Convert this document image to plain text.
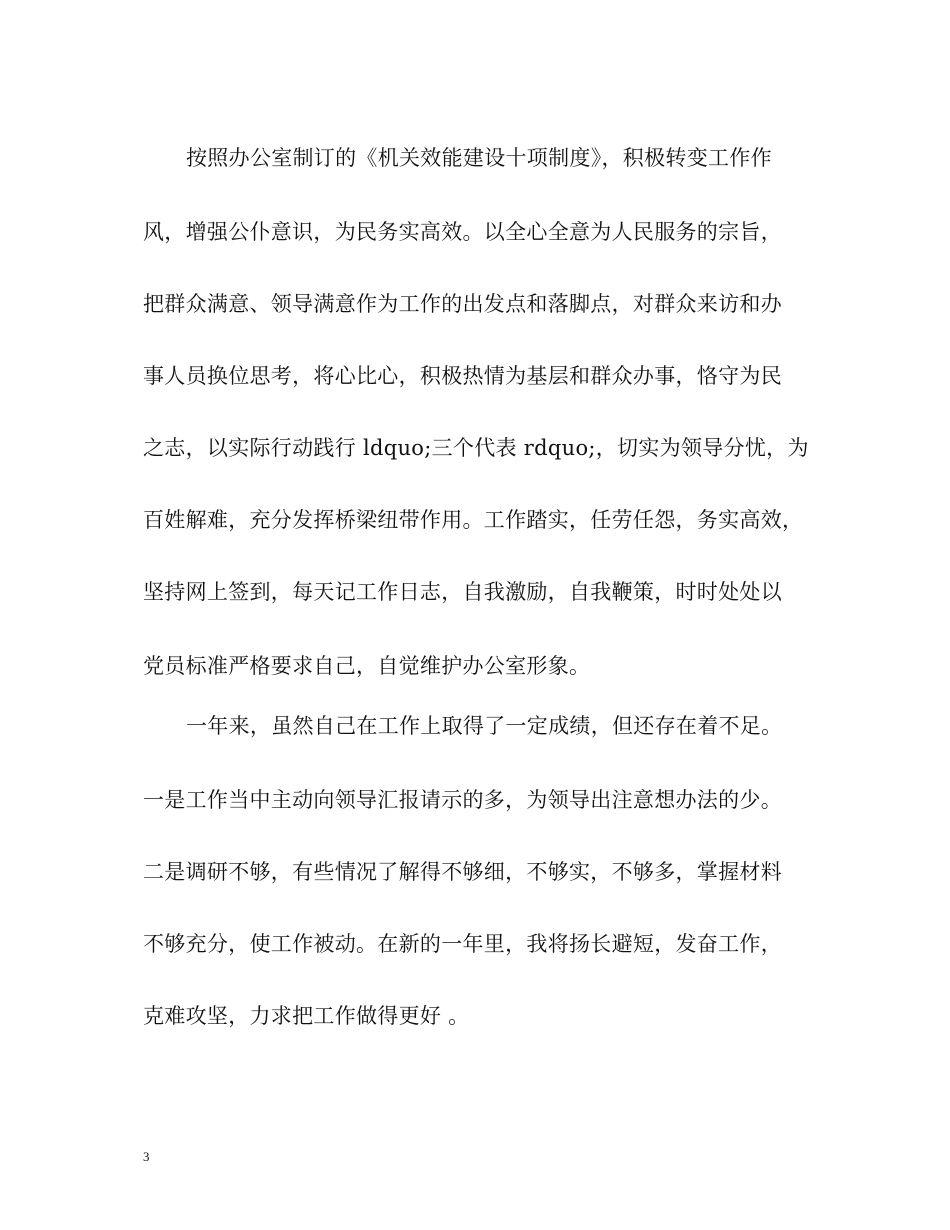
按照办公室制订的《机关效能建设十项制度》，积极转变工作作
风，增强公仆意识，为民务实高效。以全心全意为人民服务的宗旨，
把群众满意、领导满意作为工作的出发点和落脚点，对群众来访和办
事人员换位思考，将心比心，积极热情为基层和群众办事，恪守为民
之志，以实际行动践行 ldquo;三个代表 rdquo;，切实为领导分忧，为
百姓解难，充分发挥桥梁纽带作用。工作踏实，任劳任怨，务实高效，
坚持网上签到，每天记工作日志，自我激励，自我鞭策，时时处处以
党员标准严格要求自己，自觉维护办公室形象。
一年来，虽然自己在工作上取得了一定成绩，但还存在着不足。
一是工作当中主动向领导汇报请示的多，为领导出注意想办法的少。
二是调研不够，有些情况了解得不够细，不够实，不够多，掌握材料
不够充分，使工作被动。在新的一年里，我将扬长避短，发奋工作，
克难攻坚，力求把工作做得更好 。
3
